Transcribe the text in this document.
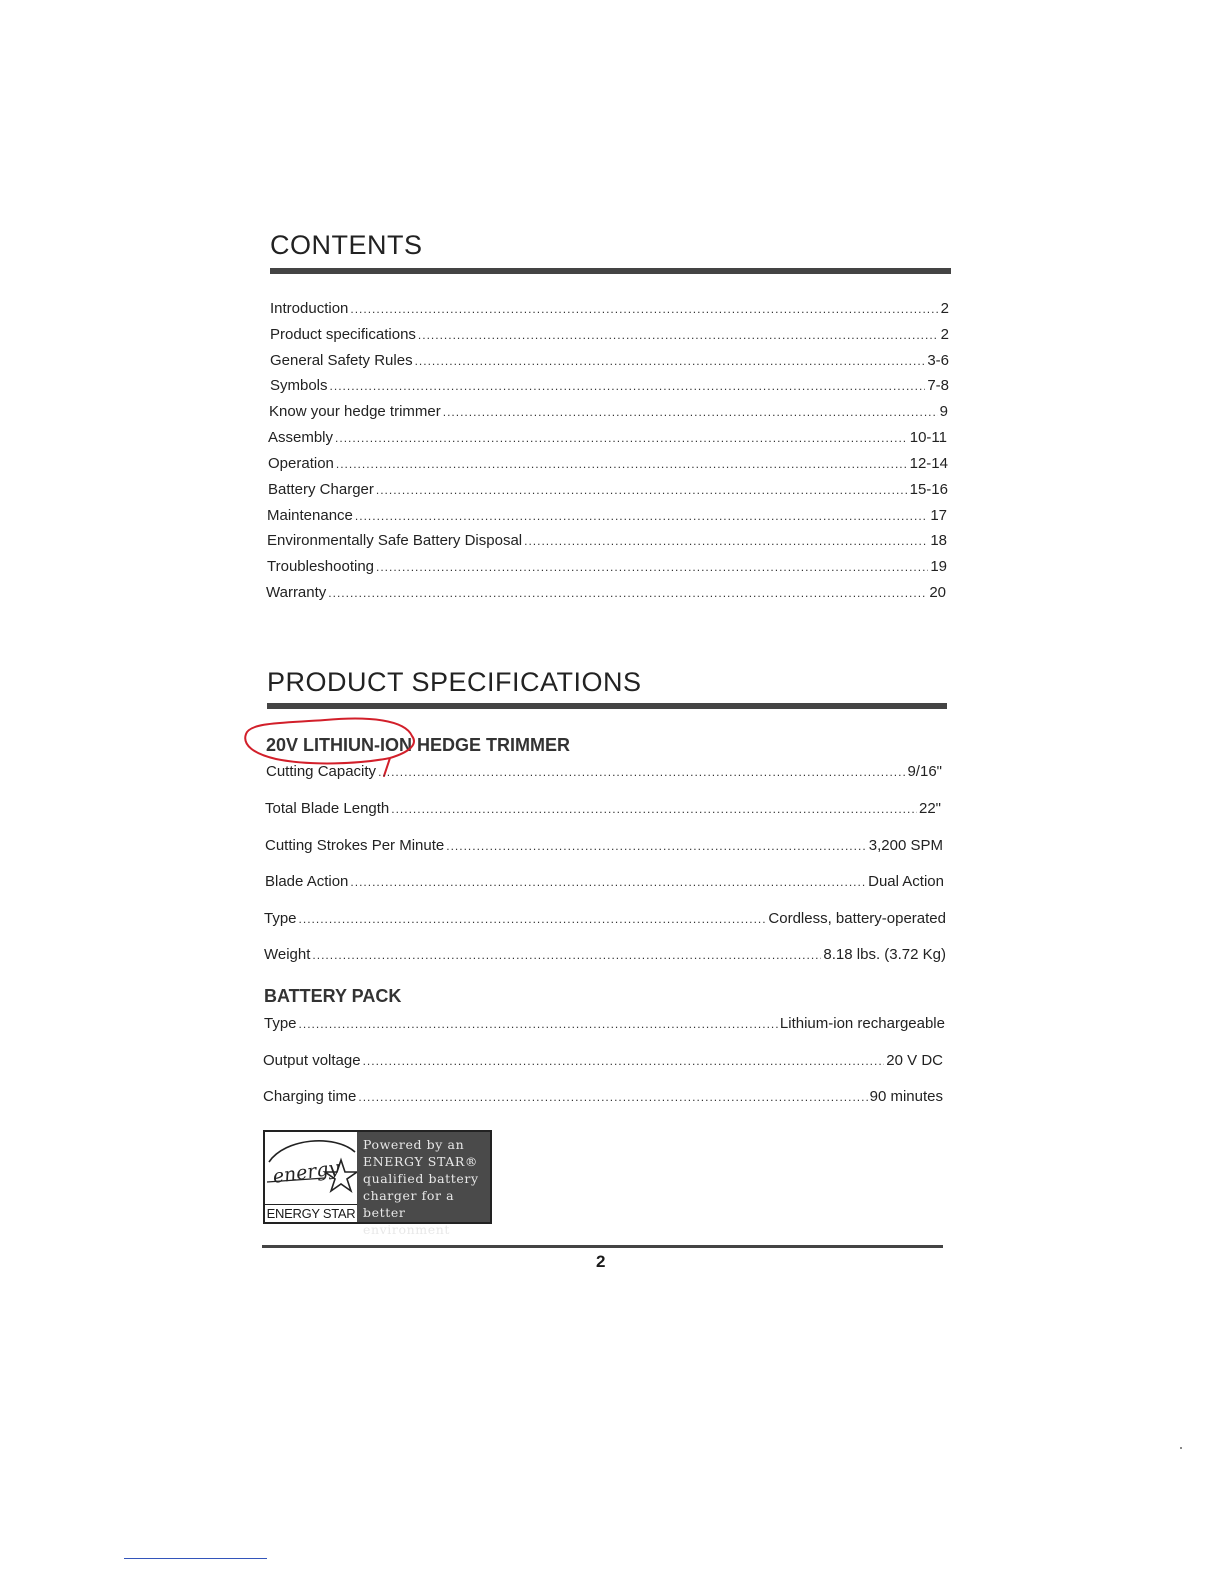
CONTENTS
Introduction .....	2
Product specifications .....	2
General Safety Rules .....	3-6
Symbols .....	7-8
Know your hedge trimmer .....	9
Assembly .....	10-11
Operation .....	12-14
Battery Charger .....	15-16
Maintenance .....	17
Environmentally Safe Battery Disposal .....	18
Troubleshooting .....	19
Warranty .....	20
PRODUCT SPECIFICATIONS
20V LITHIUN-ION HEDGE TRIMMER
Cutting Capacity .....	9/16"
Total Blade Length .....	22"
Cutting Strokes Per Minute .....	3,200 SPM
Blade Action .....	Dual Action
Type .....	Cordless, battery-operated
Weight .....	8.18 lbs. (3.72 Kg)
BATTERY PACK
Type .....	Lithium-ion rechargeable
Output voltage .....	20 V DC
Charging time .....	90 minutes
energy
ENERGY STAR
Powered by an
ENERGY STAR®
qualified battery
charger for a
better environment
2
